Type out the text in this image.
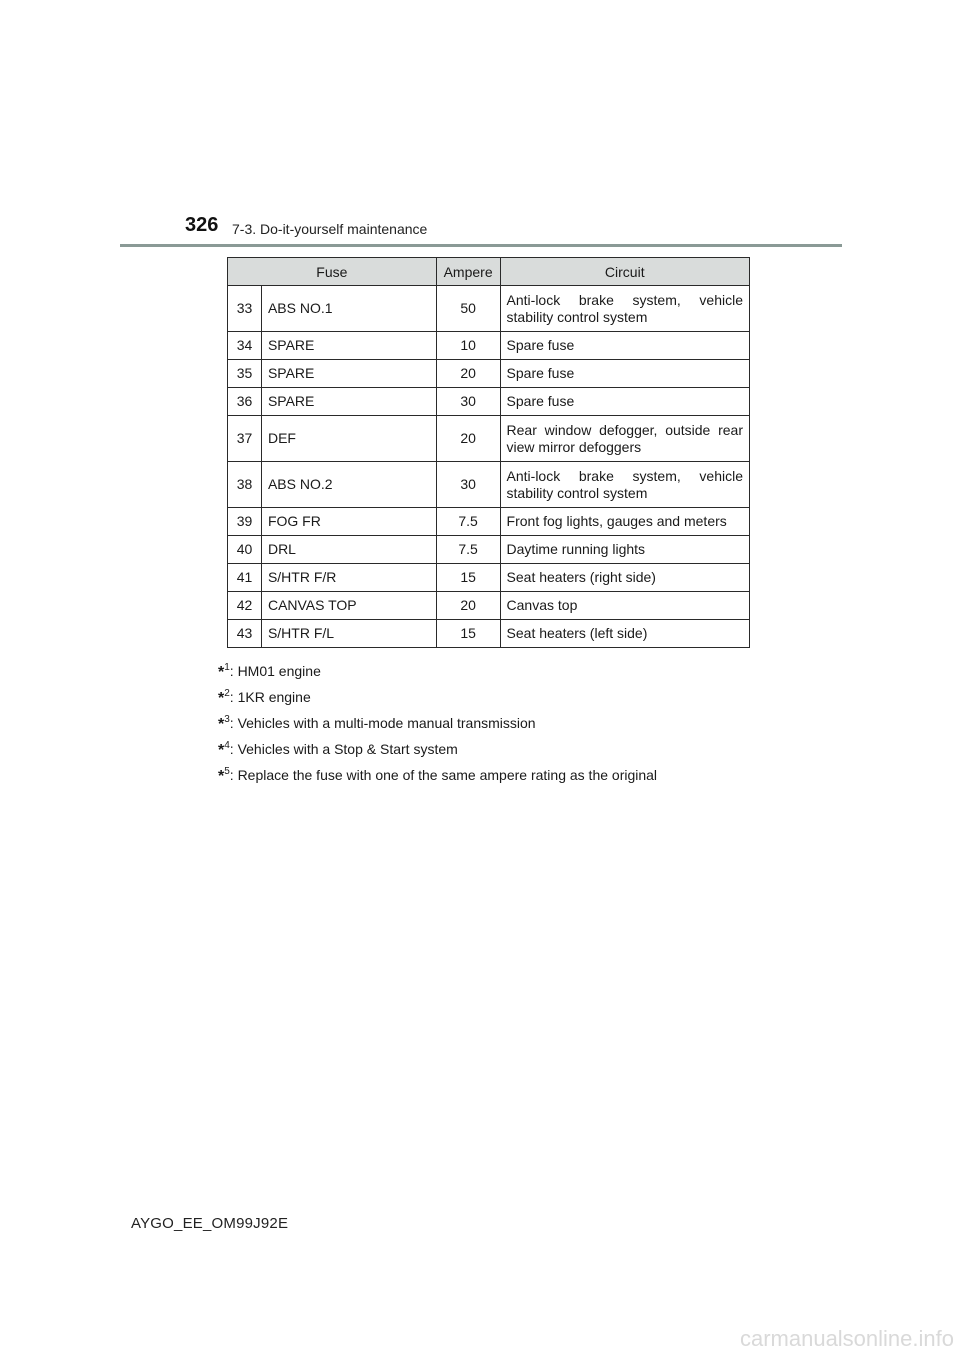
326 7-3. Do-it-yourself maintenance
Fuse		Ampere	Circuit
33	ABS NO.1	50	Anti-lock brake system, vehicle stability control system
34	SPARE	10	Spare fuse
35	SPARE	20	Spare fuse
36	SPARE	30	Spare fuse
37	DEF	20	Rear window defogger, outside rear view mirror defoggers
38	ABS NO.2	30	Anti-lock brake system, vehicle stability control system
39	FOG FR	7.5	Front fog lights, gauges and meters
40	DRL	7.5	Daytime running lights
41	S/HTR F/R	15	Seat heaters (right side)
42	CANVAS TOP	20	Canvas top
43	S/HTR F/L	15	Seat heaters (left side)
*$^1$: HM01 engine
*$^2$: 1KR engine
*$^3$: Vehicles with a multi-mode manual transmission
*$^4$: Vehicles with a Stop & Start system
*$^5$: Replace the fuse with one of the same ampere rating as the original
AYGO_EE_OM99J92E
carmanualsonline.info
